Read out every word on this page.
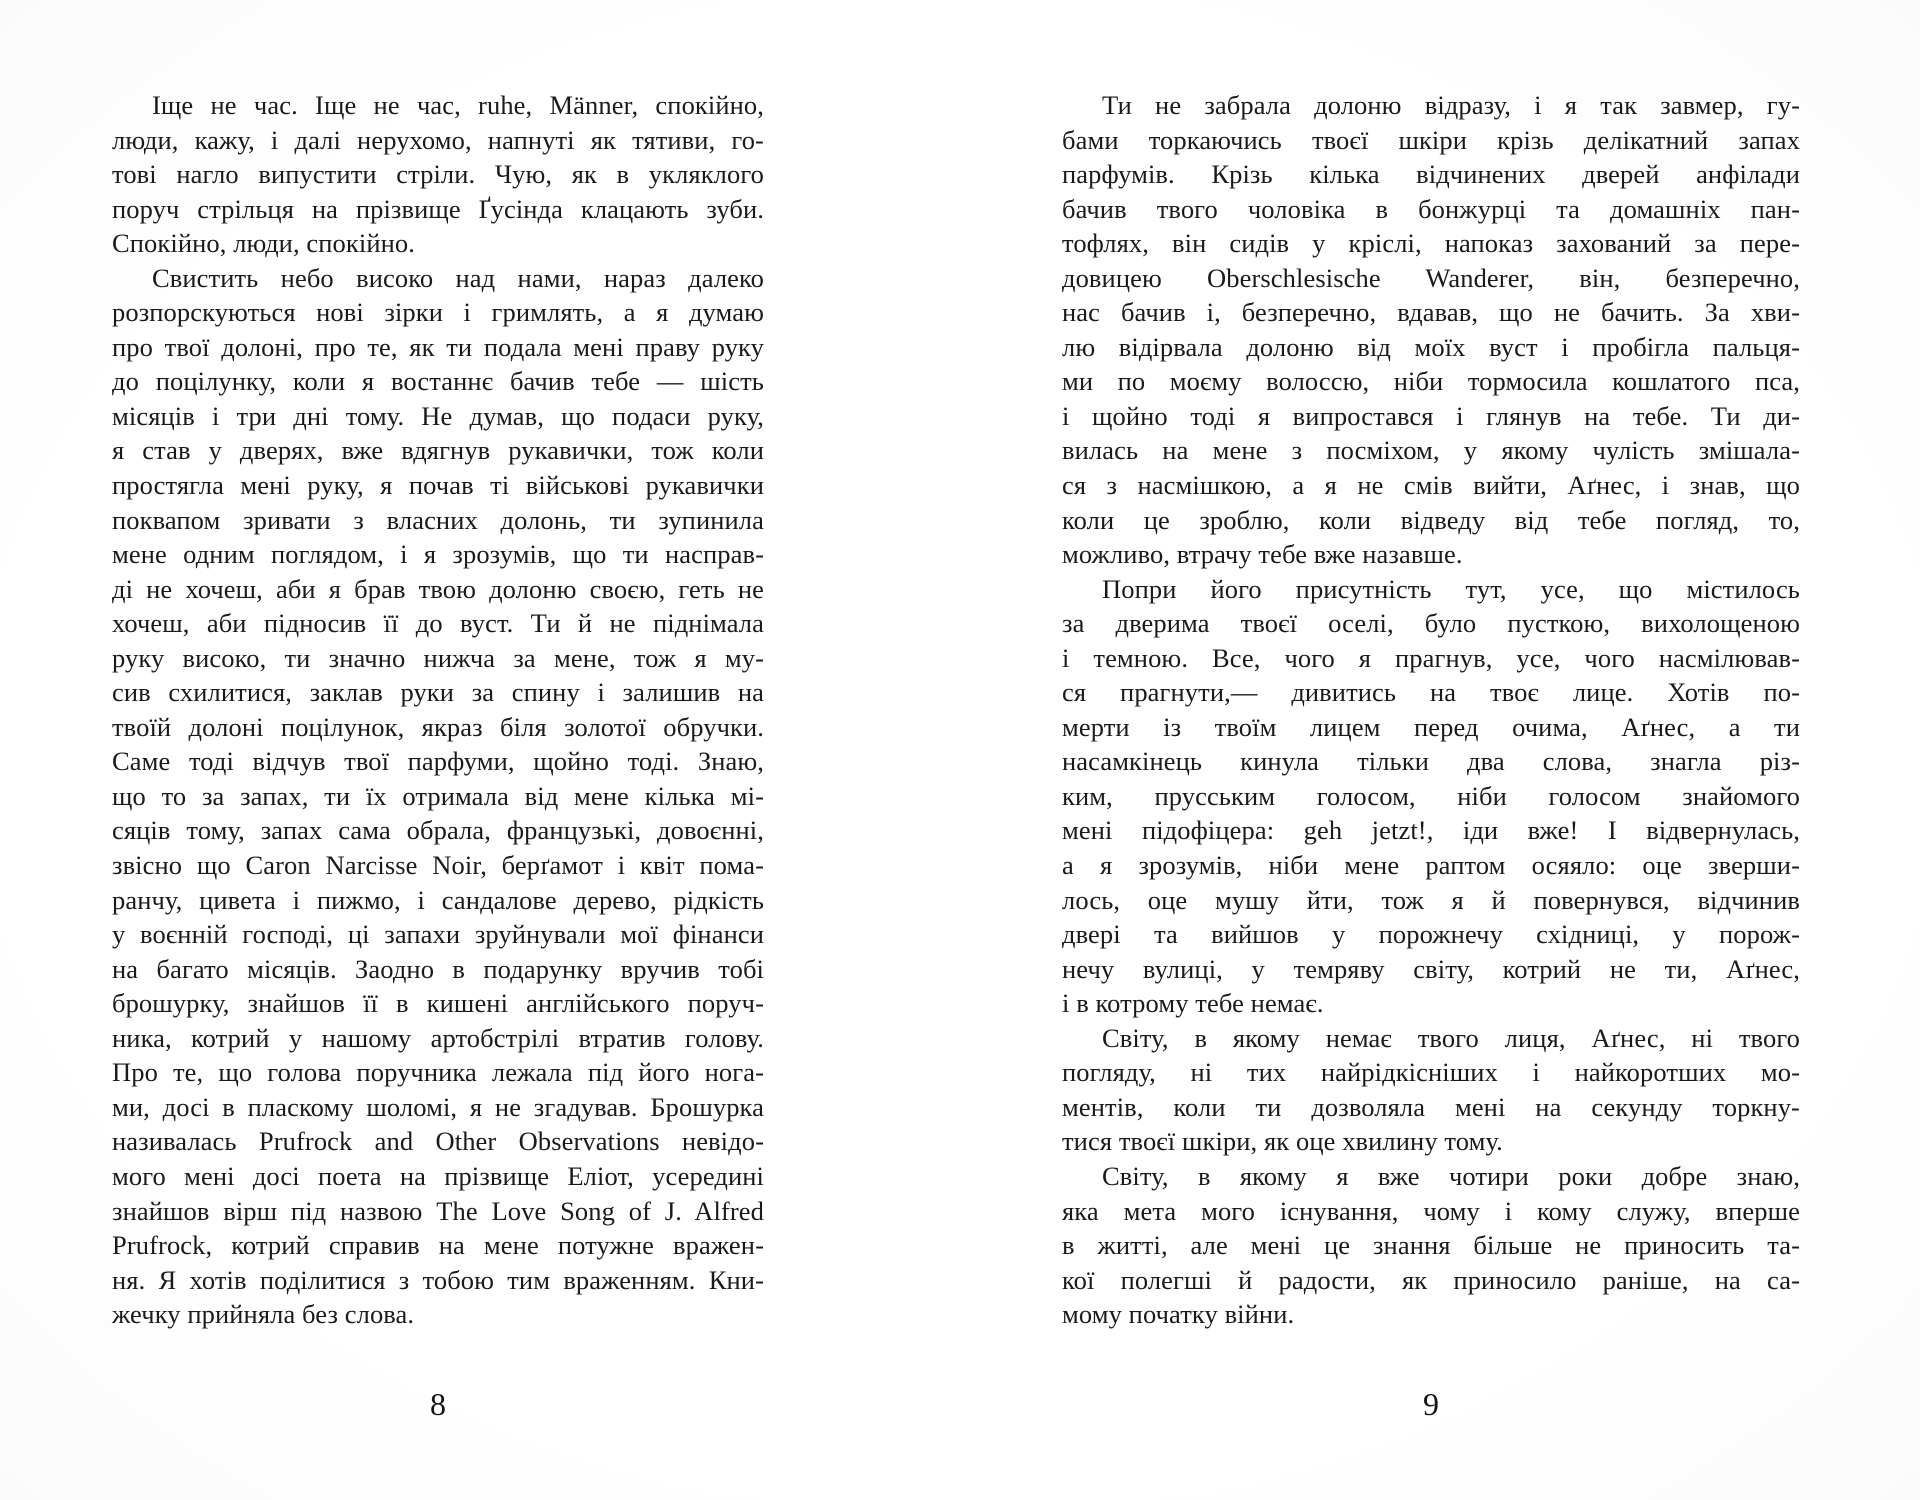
Іще не час. Іще не час, ruhe, Männer, спокійно,
люди, кажу, і далі нерухомо, напнуті як тятиви, го-
тові нагло випустити стріли. Чую, як в укляклого
поруч стрільця на прізвище Ґусінда клацають зуби.
Спокійно, люди, спокійно.
Свистить небо високо над нами, нараз далеко
розпорскуються нові зірки і гримлять, а я думаю
про твої долоні, про те, як ти подала мені праву руку
до поцілунку, коли я востаннє бачив тебе — шість
місяців і три дні тому. Не думав, що подаси руку,
я став у дверях, вже вдягнув рукавички, тож коли
простягла мені руку, я почав ті військові рукавички
поквапом зривати з власних долонь, ти зупинила
мене одним поглядом, і я зрозумів, що ти насправ-
ді не хочеш, аби я брав твою долоню своєю, геть не
хочеш, аби підносив її до вуст. Ти й не піднімала
руку високо, ти значно нижча за мене, тож я му-
сив схилитися, заклав руки за спину і залишив на
твоїй долоні поцілунок, якраз біля золотої обручки.
Саме тоді відчув твої парфуми, щойно тоді. Знаю,
що то за запах, ти їх отримала від мене кілька мі-
сяців тому, запах сама обрала, французькі, довоєнні,
звісно що Caron Narcisse Noir, берґамот і квіт пома-
ранчу, цивета і пижмо, і сандалове дерево, рідкість
у воєнній господі, ці запахи зруйнували мої фінанси
на багато місяців. Заодно в подарунку вручив тобі
брошурку, знайшов її в кишені англійського поруч-
ника, котрий у нашому артобстрілі втратив голову.
Про те, що голова поручника лежала під його нога-
ми, досі в пласкому шоломі, я не згадував. Брошурка
називалась Prufrock and Other Observations невідо-
мого мені досі поета на прізвище Еліот, усередині
знайшов вірш під назвою The Love Song of J. Alfred
Prufrock, котрий справив на мене потужне вражен-
ня. Я хотів поділитися з тобою тим враженням. Кни-
жечку прийняла без слова.
8
Ти не забрала долоню відразу, і я так завмер, гу-
бами торкаючись твоєї шкіри крізь делікатний запах
парфумів. Крізь кілька відчинених дверей анфілади
бачив твого чоловіка в бонжурці та домашніх пан-
тофлях, він сидів у кріслі, напоказ захований за пере-
довицею Oberschlesische Wanderer, він, безперечно,
нас бачив і, безперечно, вдавав, що не бачить. За хви-
лю відірвала долоню від моїх вуст і пробігла пальця-
ми по моєму волоссю, ніби тормосила кошлатого пса,
і щойно тоді я випростався і глянув на тебе. Ти ди-
вилась на мене з посміхом, у якому чулість змішала-
ся з насмішкою, а я не смів вийти, Аґнес, і знав, що
коли це зроблю, коли відведу від тебе погляд, то,
можливо, втрачу тебе вже назавше.
Попри його присутність тут, усе, що містилось
за дверима твоєї оселі, було пусткою, вихолощеною
і темною. Все, чого я прагнув, усе, чого насмілював-
ся прагнути,— дивитись на твоє лице. Хотів по-
мерти із твоїм лицем перед очима, Аґнес, а ти
насамкінець кинула тільки два слова, знагла різ-
ким, прусським голосом, ніби голосом знайомого
мені підофіцера: geh jetzt!, іди вже! І відвернулась,
а я зрозумів, ніби мене раптом осяяло: оце зверши-
лось, оце мушу йти, тож я й повернувся, відчинив
двері та вийшов у порожнечу східниці, у порож-
нечу вулиці, у темряву світу, котрий не ти, Аґнес,
і в котрому тебе немає.
Світу, в якому немає твого лиця, Аґнес, ні твого
погляду, ні тих найрідкісніших і найкоротших мо-
ментів, коли ти дозволяла мені на секунду торкну-
тися твоєї шкіри, як оце хвилину тому.
Світу, в якому я вже чотири роки добре знаю,
яка мета мого існування, чому і кому служу, вперше
в житті, але мені це знання більше не приносить та-
кої полегші й радости, як приносило раніше, на са-
мому початку війни.
9
